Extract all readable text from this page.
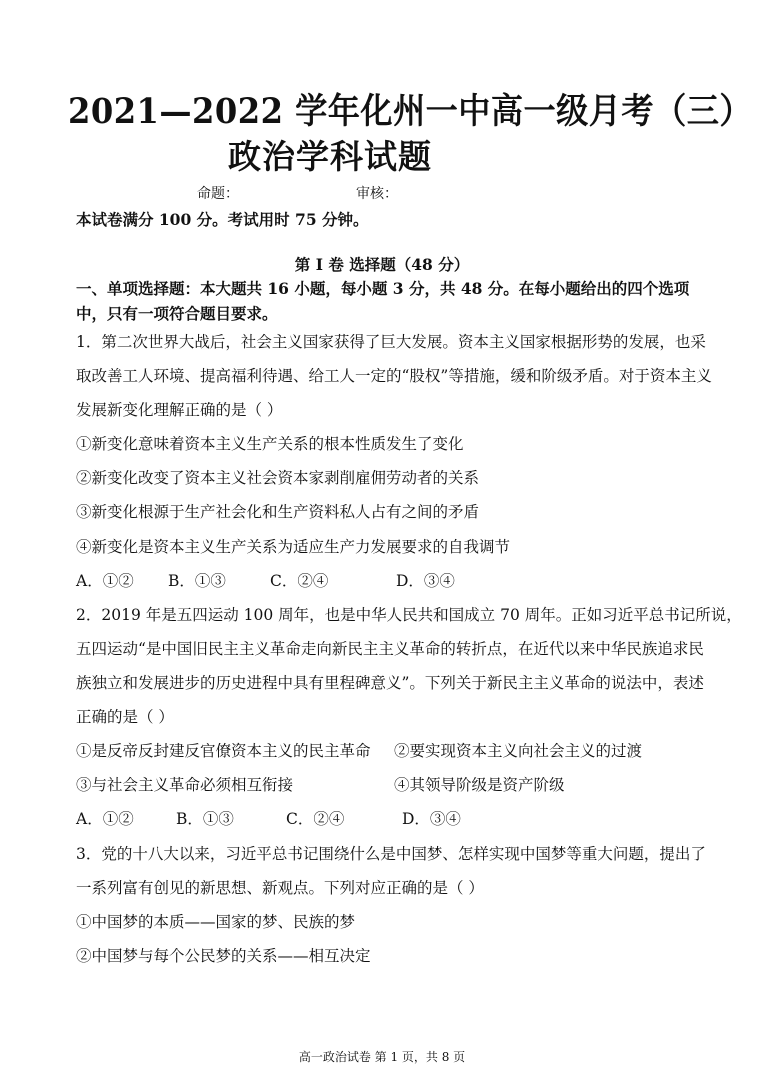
2021—2022 学年化州一中高一级月考（三）
政治学科试题
命题：	审核：
本试卷满分 100 分。考试用时 75 分钟。
第 I 卷 选择题（48 分）
一、单项选择题：本大题共 16 小题，每小题 3 分，共 48 分。在每小题给出的四个选项中，只有一项符合题目要求。
1．第二次世界大战后，社会主义国家获得了巨大发展。资本主义国家根据形势的发展，也采
取改善工人环境、提高福利待遇、给工人一定的“股权”等措施，缓和阶级矛盾。对于资本主义
发展新变化理解正确的是（ ）
①新变化意味着资本主义生产关系的根本性质发生了变化
②新变化改变了资本主义社会资本家剥削雇佣劳动者的关系
③新变化根源于生产社会化和生产资料私人占有之间的矛盾
④新变化是资本主义生产关系为适应生产力发展要求的自我调节
A．①② B．①③	C．②④	D．③④
2．2019 年是五四运动 100 周年，也是中华人民共和国成立 70 周年。正如习近平总书记所说，
五四运动“是中国旧民主主义革命走向新民主主义革命的转折点，在近代以来中华民族追求民
族独立和发展进步的历史进程中具有里程碑意义”。下列关于新民主主义革命的说法中，表述
正确的是（ ）
①是反帝反封建反官僚资本主义的民主革命 ②要实现资本主义向社会主义的过渡
③与社会主义革命必须相互衔接	④其领导阶级是资产阶级
A．①②	B．①③	C．②④	D．③④
3．党的十八大以来，习近平总书记围绕什么是中国梦、怎样实现中国梦等重大问题，提出了
一系列富有创见的新思想、新观点。下列对应正确的是（ ）
①中国梦的本质——国家的梦、民族的梦
②中国梦与每个公民梦的关系——相互决定
高一政治试卷 第 1 页，共 8 页
